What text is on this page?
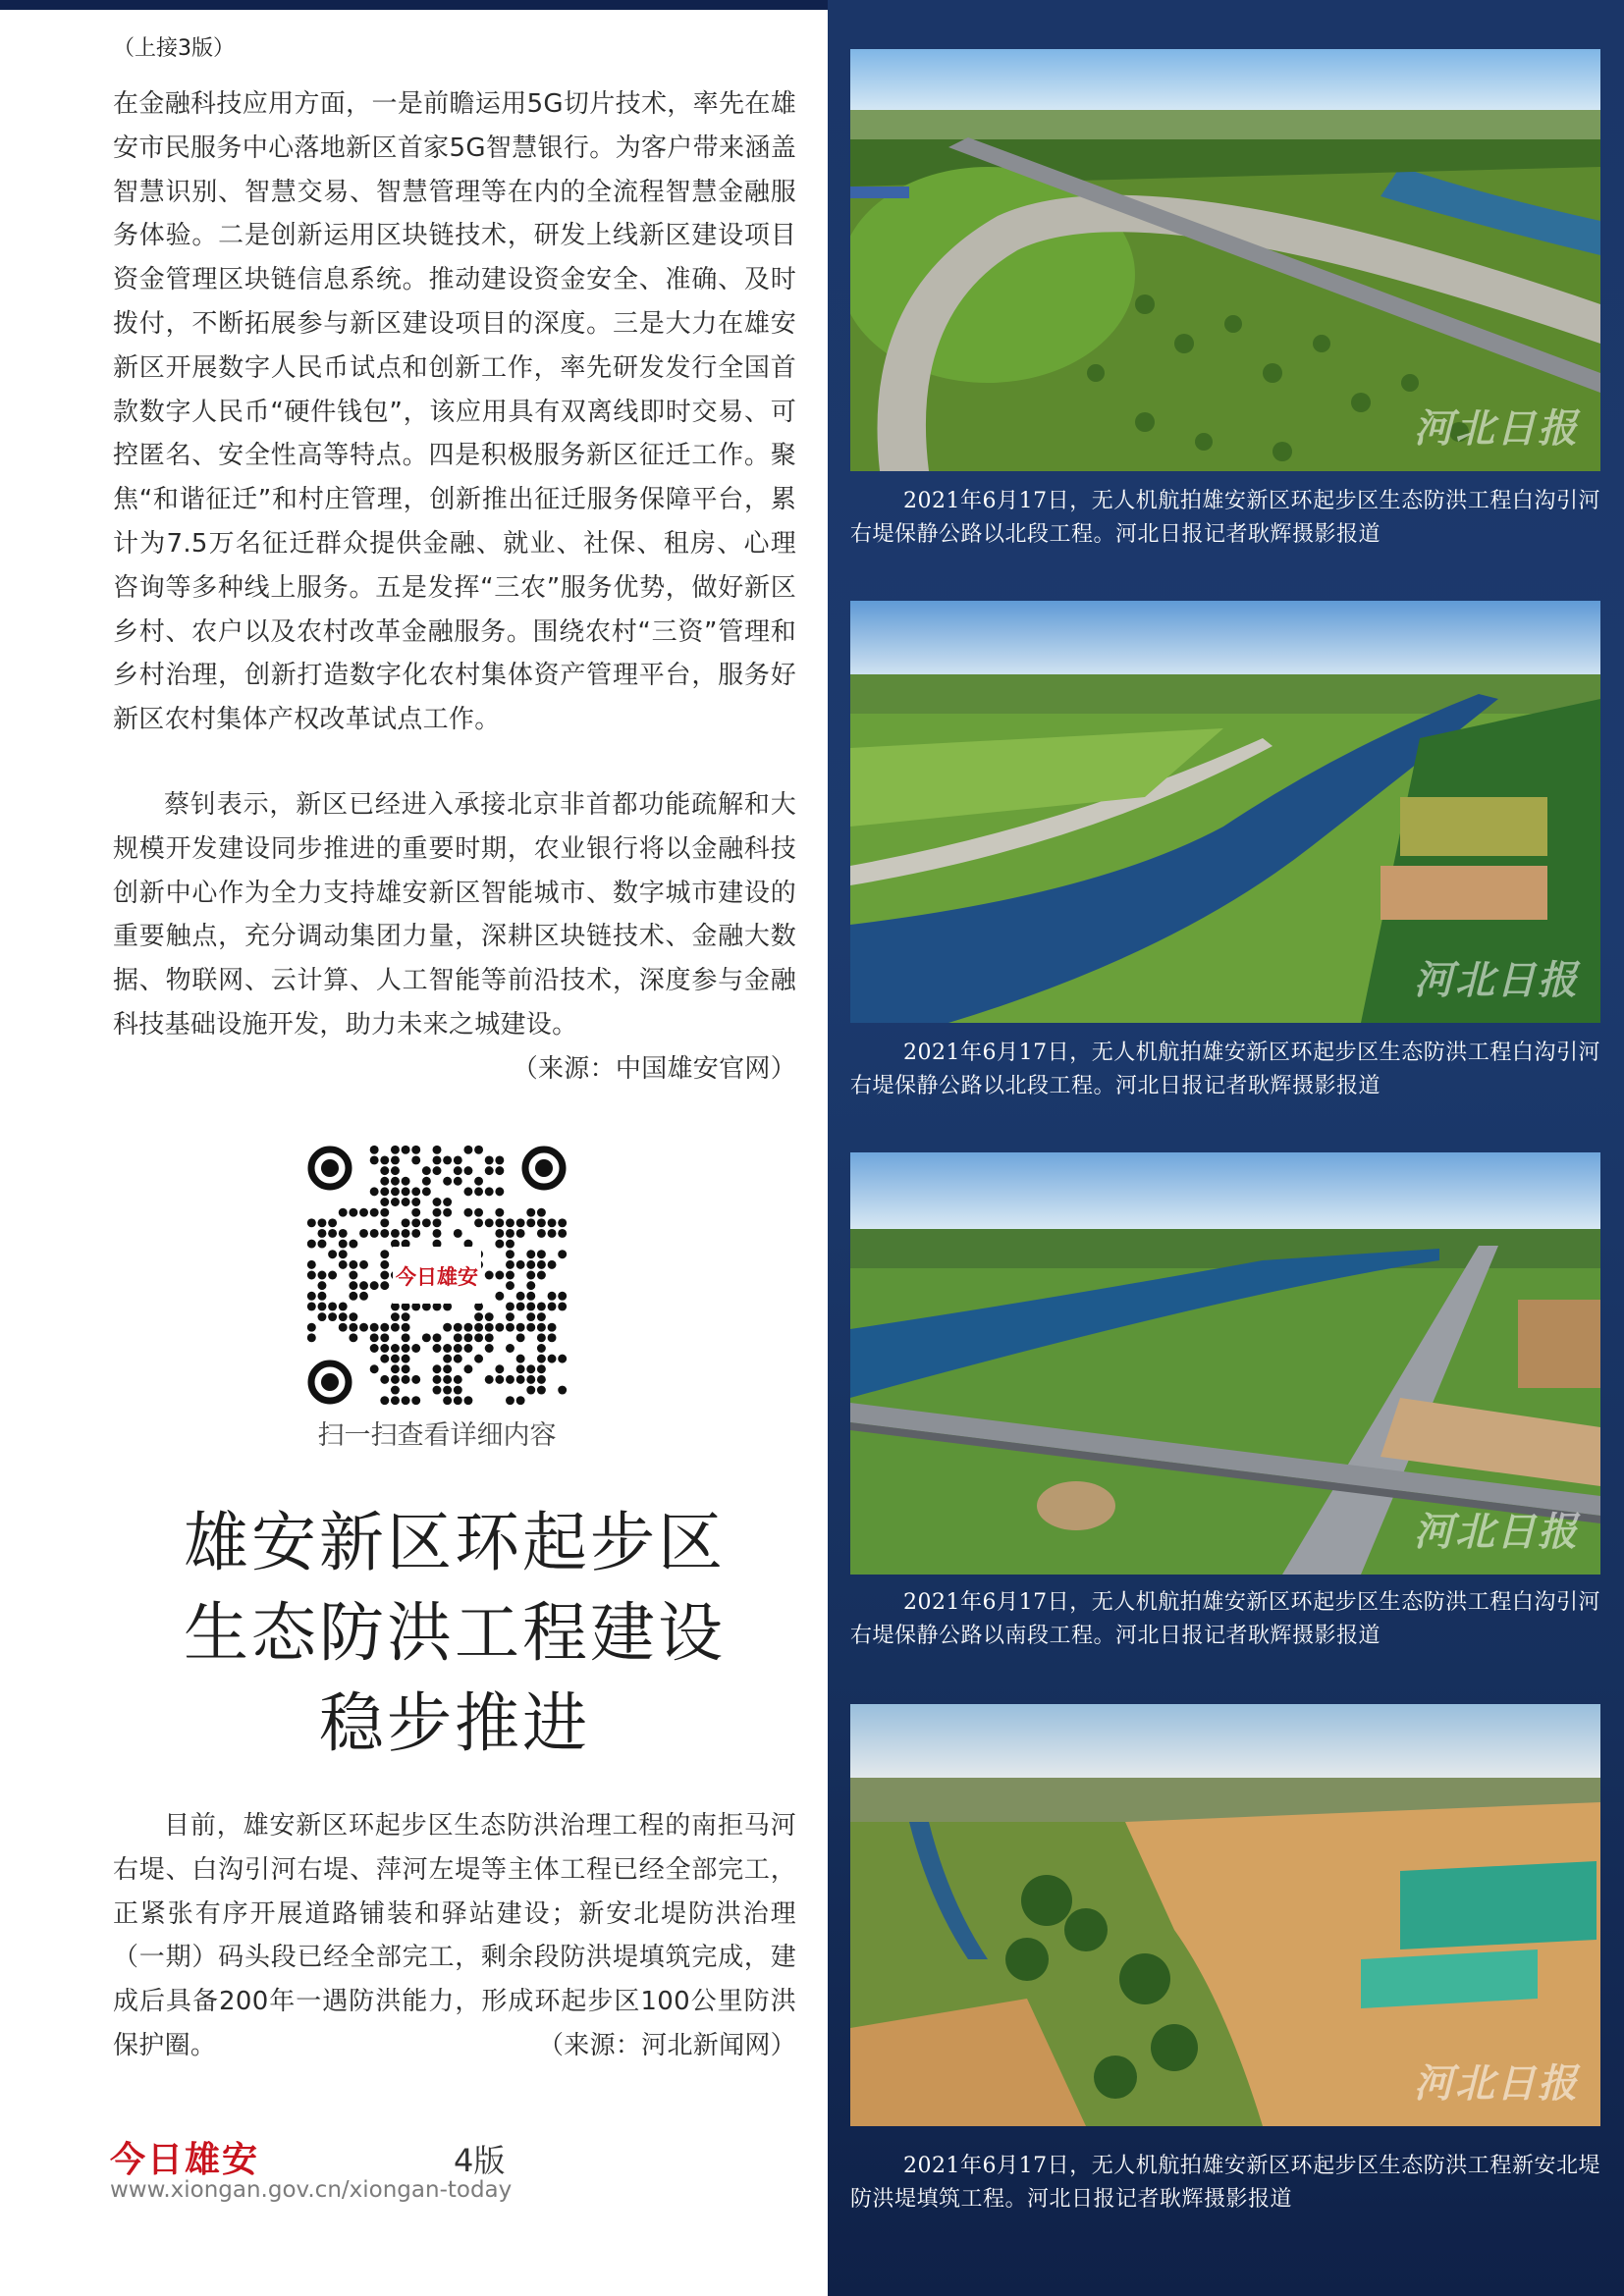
（上接3版）

在金融科技应用方面，一是前瞻运用5G切片技术，率先在雄安市民服务中心落地新区首家5G智慧银行。为客户带来涵盖智慧识别、智慧交易、智慧管理等在内的全流程智慧金融服务体验。二是创新运用区块链技术，研发上线新区建设项目资金管理区块链信息系统。推动建设资金安全、准确、及时拨付，不断拓展参与新区建设项目的深度。三是大力在雄安新区开展数字人民币试点和创新工作，率先研发发行全国首款数字人民币“硬件钱包”，该应用具有双离线即时交易、可控匿名、安全性高等特点。四是积极服务新区征迁工作。聚焦“和谐征迁”和村庄管理，创新推出征迁服务保障平台，累计为7.5万名征迁群众提供金融、就业、社保、租房、心理咨询等多种线上服务。五是发挥“三农”服务优势，做好新区乡村、农户以及农村改革金融服务。围绕农村“三资”管理和乡村治理，创新打造数字化农村集体资产管理平台，服务好新区农村集体产权改革试点工作。

蔡钊表示，新区已经进入承接北京非首都功能疏解和大规模开发建设同步推进的重要时期，农业银行将以金融科技创新中心作为全力支持雄安新区智能城市、数字城市建设的重要触点，充分调动集团力量，深耕区块链技术、金融大数据、物联网、云计算、人工智能等前沿技术，深度参与金融科技基础设施开发，助力未来之城建设。
（来源：中国雄安官网）

今日雄安
扫一扫查看详细内容
雄安新区环起步区
生态防洪工程建设
稳步推进

目前，雄安新区环起步区生态防洪治理工程的南拒马河右堤、白沟引河右堤、萍河左堤等主体工程已经全部完工，正紧张有序开展道路铺装和驿站建设；新安北堤防洪治理（一期）码头段已经全部完工，剩余段防洪堤填筑完成，建成后具备200年一遇防洪能力，形成环起步区100公里防洪保护圈。	（来源：河北新闻网）

今日雄安	4版
www.xiongan.gov.cn/xiongan-today
河北日报

2021年6月17日，无人机航拍雄安新区环起步区生态防洪工程白沟引河右堤保静公路以北段工程。河北日报记者耿辉摄影报道

河北日报

2021年6月17日，无人机航拍雄安新区环起步区生态防洪工程白沟引河右堤保静公路以北段工程。河北日报记者耿辉摄影报道

河北日报

2021年6月17日，无人机航拍雄安新区环起步区生态防洪工程白沟引河右堤保静公路以南段工程。河北日报记者耿辉摄影报道

河北日报

2021年6月17日，无人机航拍雄安新区环起步区生态防洪工程新安北堤防洪堤填筑工程。河北日报记者耿辉摄影报道
